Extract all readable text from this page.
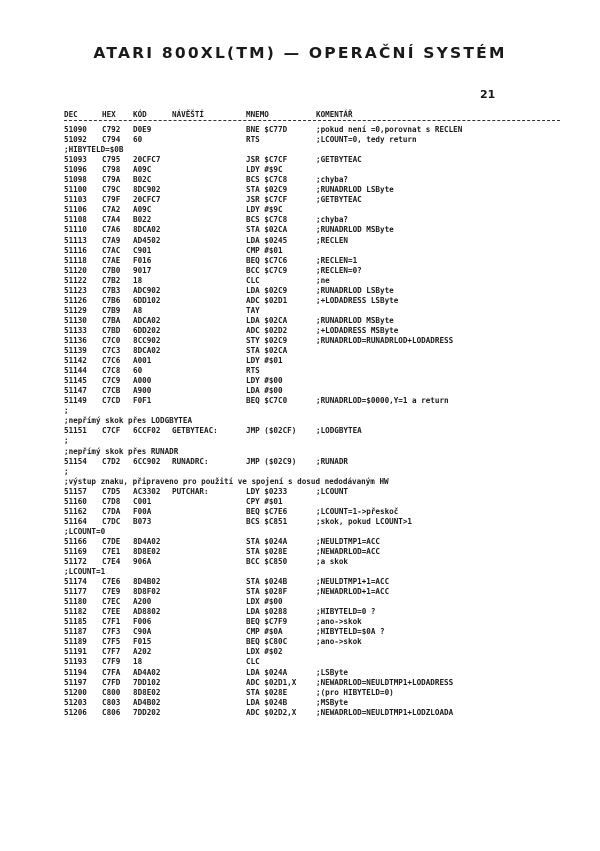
ATARI 800XL(TM) — OPERAČNÍ SYSTÉM
21
DEC	HEX KÓD	NÁVĚŠTÍ	MNEMO	KOMENTÁŘ
51090 C792 D0E9	BNE $C77D	;pokud není =0,porovnat s RECLEN
51092 C794 60	RTS	;LCOUNT=0, tedy return
;HIBYTELD=$0B
51093 C795 20CFC7	JSR $C7CF	;GETBYTEAC
51096 C798 A09C	LDY #$9C
51098 C79A B02C	BCS $C7C8	;chyba?
51100 C79C 8DC902	STA $02C9	;RUNADRLOD LSByte
51103 C79F 20CFC7	JSR $C7CF	;GETBYTEAC
51106 C7A2 A09C	LDY #$9C
51108 C7A4 B022	BCS $C7C8	;chyba?
51110 C7A6 8DCA02	STA $02CA	;RUNADRLOD MSByte
51113 C7A9 AD4502	LDA $0245	;RECLEN
51116 C7AC C901	CMP #$01
51118 C7AE F016	BEQ $C7C6	;RECLEN=1
51120 C7B0 9017	BCC $C7C9	;RECLEN=0?
51122 C7B2 18	CLC	;ne
51123 C7B3 ADC902	LDA $02C9	;RUNADRLOD LSByte
51126 C7B6 6DD102	ADC $02D1	;+LODADRESS LSByte
51129 C7B9 A8	TAY
51130 C7BA ADCA02	LDA $02CA	;RUNADRLOD MSByte
51133 C7BD 6DD202	ADC $02D2	;+LODADRESS MSByte
51136 C7C0 8CC902	STY $02C9	;RUNADRLOD=RUNADRLOD+LODADRESS
51139 C7C3 8DCA02	STA $02CA
51142 C7C6 A001	LDY #$01
51144 C7C8 60	RTS
51145 C7C9 A000	LDY #$00
51147 C7CB A900	LDA #$00
51149 C7CD F0F1	BEQ $C7C0	;RUNADRLOD=$0000,Y=1 a return
;
;nepřímý skok přes LODGBYTEA
51151 C7CF 6CCF02 GETBYTEAC:	JMP ($02CF)	;LODGBYTEA
;
;nepřímý skok přes RUNADR
51154 C7D2 6CC902 RUNADRC:	JMP ($02C9)	;RUNADR
;
;výstup znaku, připraveno pro použití ve spojení s dosud nedodávaným HW
51157 C7D5 AC3302 PUTCHAR:	LDY $0233	;LCOUNT
51160 C7D8 C001	CPY #$01
51162 C7DA F00A	BEQ $C7E6	;LCOUNT=1->přeskoč
51164 C7DC B073	BCS $C851	;skok, pokud LCOUNT>1
;LCOUNT=0
51166 C7DE 8D4A02	STA $024A	;NEULDTMP1=ACC
51169 C7E1 8D8E02	STA $028E	;NEWADRLOD=ACC
51172 C7E4 906A	BCC $C850	;a skok
;LCOUNT=1
51174 C7E6 8D4B02	STA $024B	;NEULDTMP1+1=ACC
51177 C7E9 8D8F02	STA $028F	;NEWADRLOD+1=ACC
51180 C7EC A200	LDX #$00
51182 C7EE AD8802	LDA $0288	;HIBYTELD=0 ?
51185 C7F1 F006	BEQ $C7F9	;ano->skok
51187 C7F3 C90A	CMP #$0A	;HIBYTELD=$0A ?
51189 C7F5 F015	BEQ $C80C	;ano->skok
51191 C7F7 A202	LDX #$02
51193 C7F9 18	CLC
51194 C7FA AD4A02	LDA $024A	;LSByte
51197 C7FD 7DD102	ADC $02D1,X	;NEWADRLOD=NEULDTMP1+LODADRESS
51200 C800 8D8E02	STA $028E	;(pro HIBYTELD=0)
51203 C803 AD4B02	LDA $024B	;MSByte
51206 C806 7DD202	ADC $02D2,X	;NEWADRLOD=NEULDTMP1+LODZLOADA
